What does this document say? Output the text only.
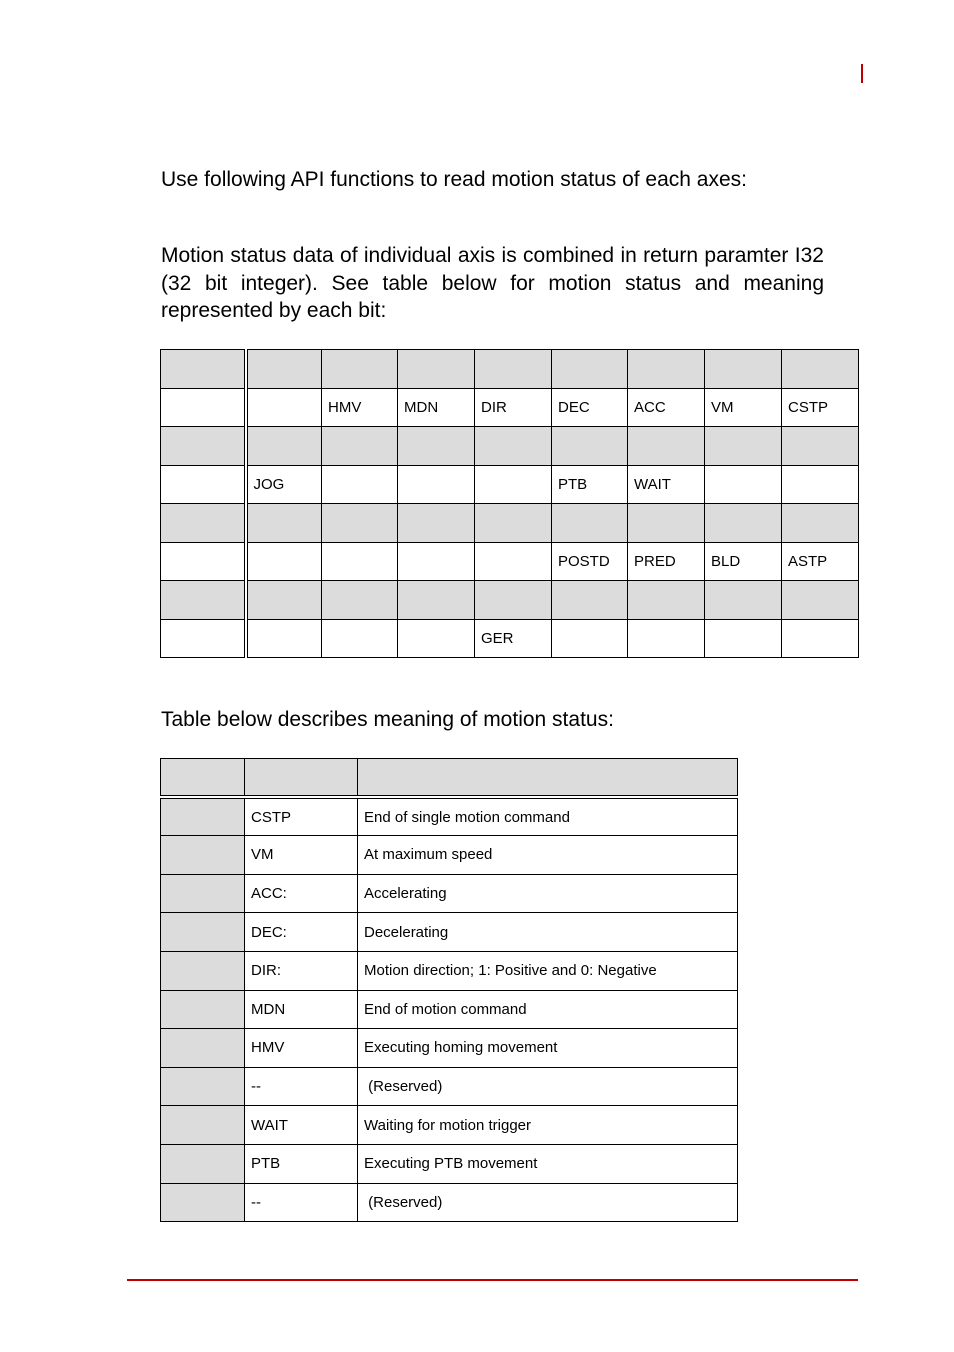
Use following API functions to read motion status of each axes:

Motion status data of individual axis is combined in return paramter I32 (32 bit integer). See table below for motion status and meaning represented by each bit:

		HMV	MDN	DIR	DEC	ACC	VM	CSTP

	JOG				PTB	WAIT		

					POSTD	PRED	BLD	ASTP

				GER				

Table below describes meaning of motion status:

	CSTP	End of single motion command
	VM	At maximum speed
	ACC:	Accelerating
	DEC:	Decelerating
	DIR:	Motion direction; 1: Positive and 0: Negative
	MDN	End of motion command
	HMV	Executing homing movement
	--	(Reserved)
	WAIT	Waiting for motion trigger
	PTB	Executing PTB movement
	--	(Reserved)
